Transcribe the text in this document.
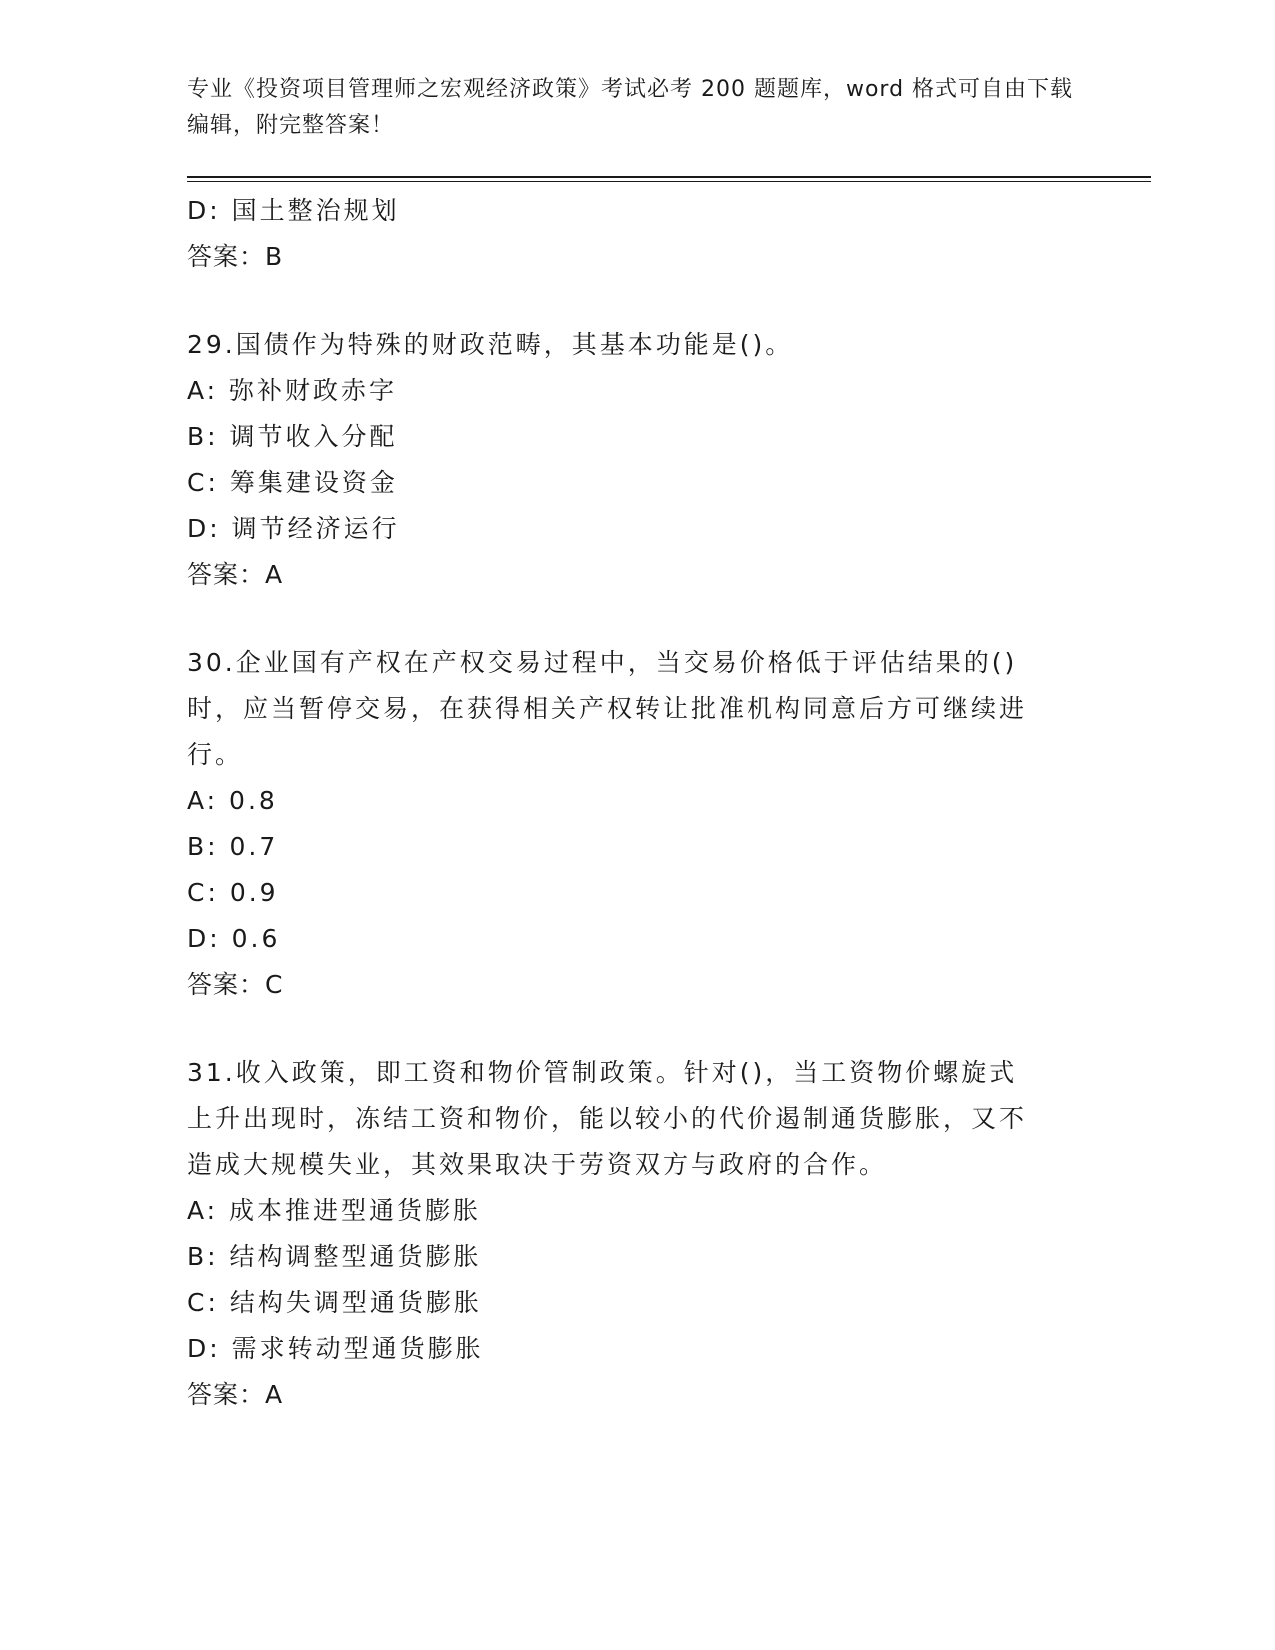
专业《投资项目管理师之宏观经济政策》考试必考 200 题题库，word 格式可自由下载编辑，附完整答案！
D: 国土整治规划
答案：B
29.国债作为特殊的财政范畴，其基本功能是()。
A: 弥补财政赤字
B: 调节收入分配
C: 筹集建设资金
D: 调节经济运行
答案：A
30.企业国有产权在产权交易过程中，当交易价格低于评估结果的()时，应当暂停交易，在获得相关产权转让批准机构同意后方可继续进行。
A: 0.8
B: 0.7
C: 0.9
D: 0.6
答案：C
31.收入政策，即工资和物价管制政策。针对()，当工资物价螺旋式上升出现时，冻结工资和物价，能以较小的代价遏制通货膨胀，又不造成大规模失业，其效果取决于劳资双方与政府的合作。
A: 成本推进型通货膨胀
B: 结构调整型通货膨胀
C: 结构失调型通货膨胀
D: 需求转动型通货膨胀
答案：A
